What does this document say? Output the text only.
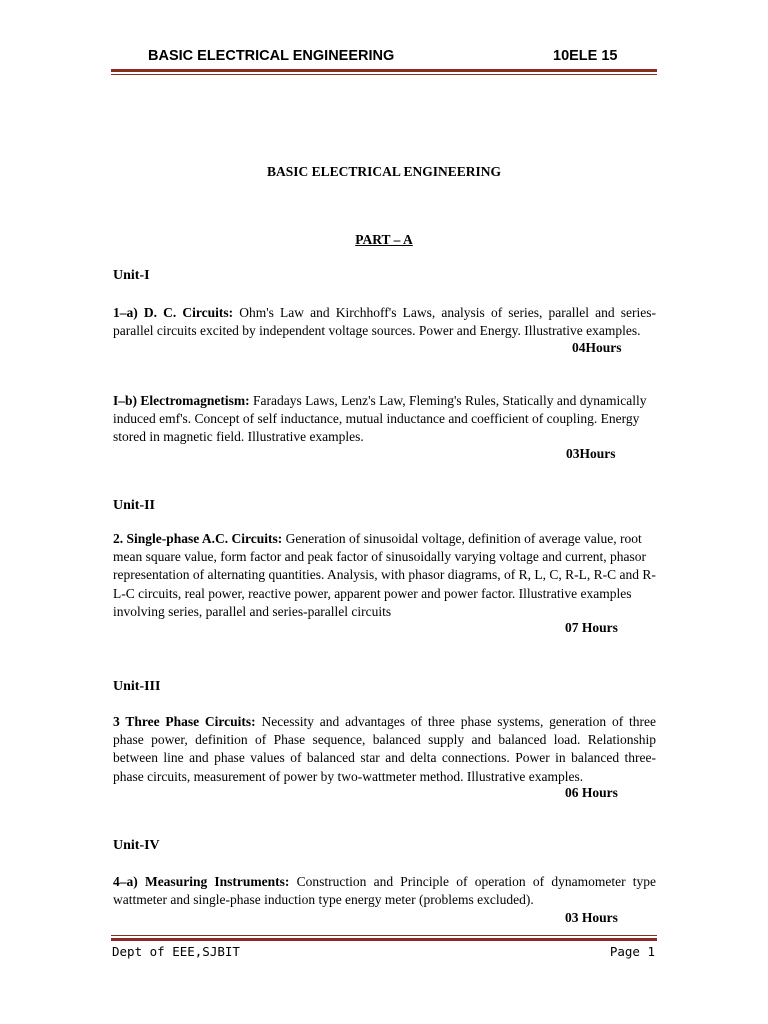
BASIC ELECTRICAL ENGINEERING	10ELE 15
BASIC ELECTRICAL ENGINEERING
PART – A
Unit-I
1–a) D. C. Circuits: Ohm's Law and Kirchhoff's Laws, analysis of series, parallel and series- parallel circuits excited by independent voltage sources. Power and Energy. Illustrative examples.
04Hours
I–b) Electromagnetism: Faradays Laws, Lenz's Law, Fleming's Rules, Statically and dynamically induced emf's. Concept of self inductance, mutual inductance and coefficient of coupling. Energy stored in magnetic field. Illustrative examples.
03Hours
Unit-II
2. Single-phase A.C. Circuits: Generation of sinusoidal voltage, definition of average value, root mean square value, form factor and peak factor of sinusoidally varying voltage and current, phasor representation of alternating quantities. Analysis, with phasor diagrams, of R, L, C, R-L, R-C and R-L-C circuits, real power, reactive power, apparent power and power factor. Illustrative examples involving series, parallel and series-parallel circuits
07 Hours
Unit-III
3 Three Phase Circuits: Necessity and advantages of three phase systems, generation of three phase power, definition of Phase sequence, balanced supply and balanced load. Relationship between line and phase values of balanced star and delta connections. Power in balanced three-phase circuits, measurement of power by two-wattmeter method. Illustrative examples.
06 Hours
Unit-IV
4–a) Measuring Instruments: Construction and Principle of operation of dynamometer type wattmeter and single-phase induction type energy meter (problems excluded).
03 Hours
Dept of EEE,SJBIT	Page 1
